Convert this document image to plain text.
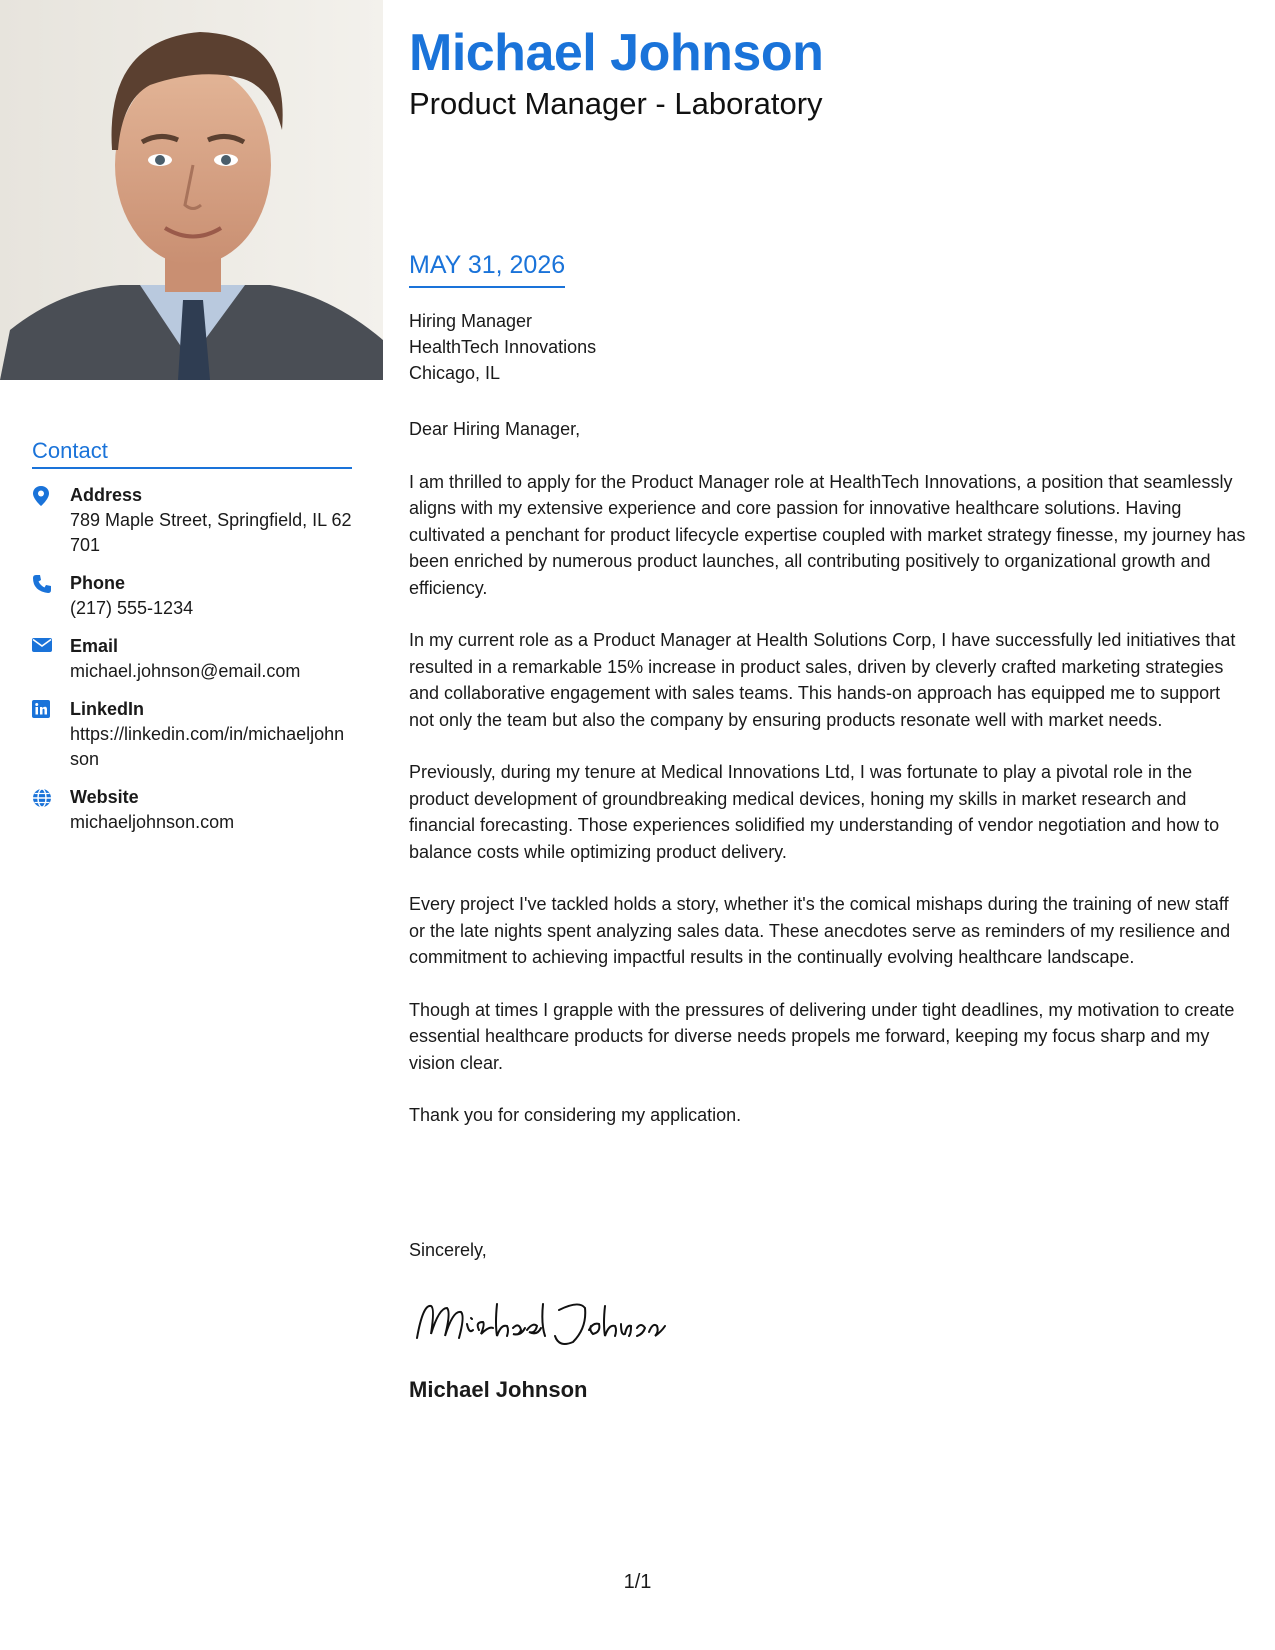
Michael Johnson
Product Manager - Laboratory
MAY 31, 2026
Hiring Manager
HealthTech Innovations
Chicago, IL

Dear Hiring Manager,

I am thrilled to apply for the Product Manager role at HealthTech Innovations, a position that seamlessly aligns with my extensive experience and core passion for innovative healthcare solutions. Having cultivated a penchant for product lifecycle expertise coupled with market strategy finesse, my journey has been enriched by numerous product launches, all contributing positively to organizational growth and efficiency.

In my current role as a Product Manager at Health Solutions Corp, I have successfully led initiatives that resulted in a remarkable 15% increase in product sales, driven by cleverly crafted marketing strategies and collaborative engagement with sales teams. This hands-on approach has equipped me to support not only the team but also the company by ensuring products resonate well with market needs.

Previously, during my tenure at Medical Innovations Ltd, I was fortunate to play a pivotal role in the product development of groundbreaking medical devices, honing my skills in market research and financial forecasting. Those experiences solidified my understanding of vendor negotiation and how to balance costs while optimizing product delivery.

Every project I've tackled holds a story, whether it's the comical mishaps during the training of new staff or the late nights spent analyzing sales data. These anecdotes serve as reminders of my resilience and commitment to achieving impactful results in the continually evolving healthcare landscape.

Though at times I grapple with the pressures of delivering under tight deadlines, my motivation to create essential healthcare products for diverse needs propels me forward, keeping my focus sharp and my vision clear.

Thank you for considering my application.

Sincerely,
Michael Johnson
Contact
Address
789 Maple Street, Springfield, IL 62701
Phone
(217) 555-1234
Email
michael.johnson@email.com
LinkedIn
https://linkedin.com/in/michaeljohnson
Website
michaeljohnson.com
1/1
